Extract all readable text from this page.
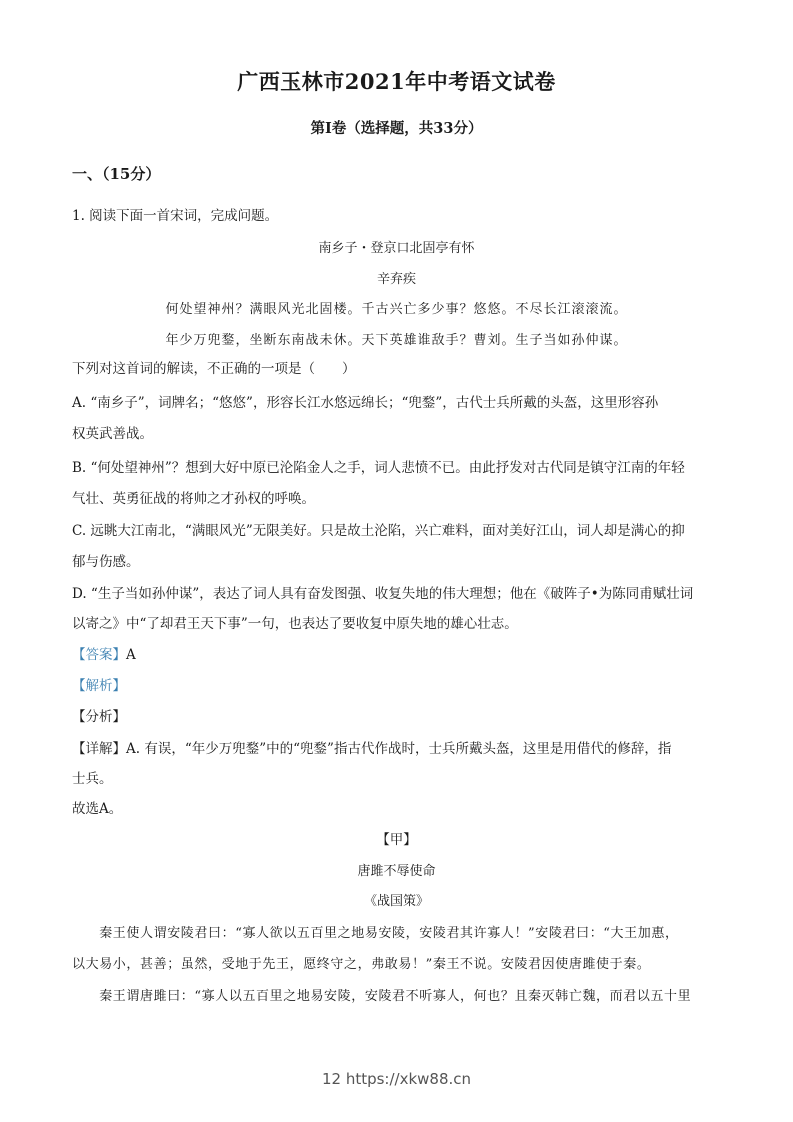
广西玉林市2021年中考语文试卷
第Ⅰ卷（选择题，共33分）
一、（15分）
1. 阅读下面一首宋词，完成问题。
南乡子・登京口北固亭有怀
辛弃疾
何处望神州？满眼风光北固楼。千古兴亡多少事？悠悠。不尽长江滚滚流。
年少万兜鍪，坐断东南战未休。天下英雄谁敌手？曹刘。生子当如孙仲谋。
下列对这首词的解读，不正确的一项是（　　）
A. “南乡子”，词牌名；“悠悠”，形容长江水悠远绵长；“兜鍪”，古代士兵所戴的头盔，这里形容孙
权英武善战。
B. “何处望神州”？想到大好中原已沦陷金人之手，词人悲愤不已。由此抒发对古代同是镇守江南的年轻
气壮、英勇征战的将帅之才孙权的呼唤。
C. 远眺大江南北，“满眼风光”无限美好。只是故土沦陷，兴亡难料，面对美好江山，词人却是满心的抑
郁与伤感。
D. “生子当如孙仲谋”，表达了词人具有奋发图强、收复失地的伟大理想；他在《破阵子•为陈同甫赋壮词
以寄之》中“了却君王天下事”一句，也表达了要收复中原失地的雄心壮志。
【答案】A
【解析】
【分析】
【详解】A. 有误，“年少万兜鍪”中的“兜鍪”指古代作战时，士兵所戴头盔，这里是用借代的修辞，指
士兵。
故选A。
【甲】
唐雎不辱使命
《战国策》
　　秦王使人谓安陵君曰：“寡人欲以五百里之地易安陵，安陵君其许寡人！”安陵君曰：“大王加惠，
以大易小，甚善；虽然，受地于先王，愿终守之，弗敢易！”秦王不说。安陵君因使唐雎使于秦。
　　秦王谓唐雎曰：“寡人以五百里之地易安陵，安陵君不听寡人，何也？且秦灭韩亡魏，而君以五十里
12 https://xkw88.cn
